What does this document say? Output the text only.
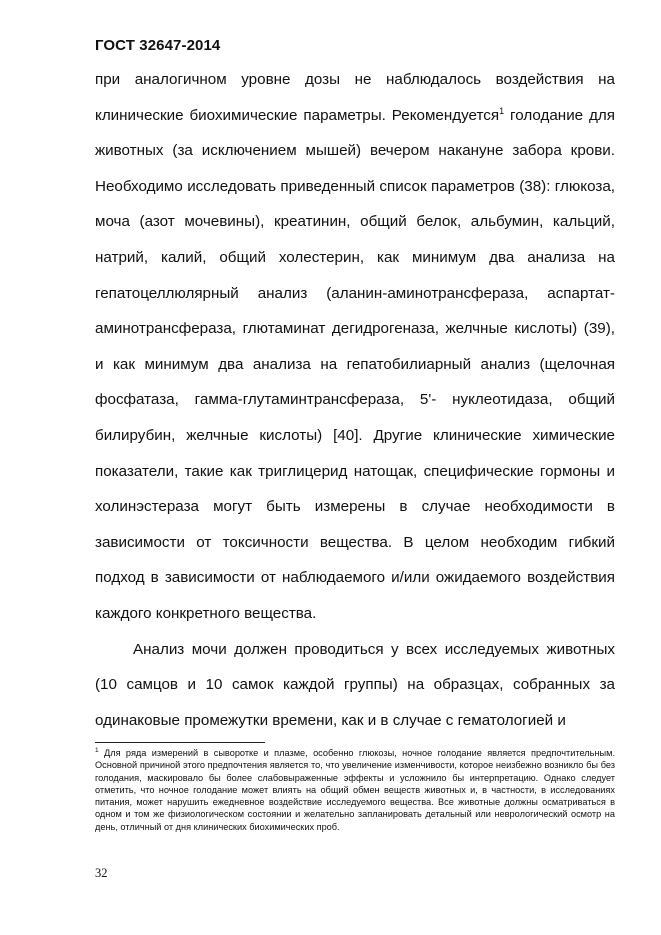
ГОСТ 32647-2014

при аналогичном уровне дозы не наблюдалось воздействия на клинические биохимические параметры. Рекомендуется$^1$ голодание для животных (за исключением мышей) вечером накануне забора крови. Необходимо исследовать приведенный список параметров (38): глюкоза, моча (азот мочевины), креатинин, общий белок, альбумин, кальций, натрий, калий, общий холестерин, как минимум два анализа на гепатоцеллюлярный анализ (аланин-аминотрансфераза, аспартат-аминотрансфераза, глютаминат дегидрогеназа, желчные кислоты) (39), и как минимум два анализа на гепатобилиарный анализ (щелочная фосфатаза, гамма-глутаминтрансфераза, 5'- нуклеотидаза, общий билирубин, желчные кислоты) [40]. Другие клинические химические показатели, такие как триглицерид натощак, специфические гормоны и холинэстераза могут быть измерены в случае необходимости в зависимости от токсичности вещества. В целом необходим гибкий подход в зависимости от наблюдаемого и/или ожидаемого воздействия каждого конкретного вещества.

Анализ мочи должен проводиться у всех исследуемых животных (10 самцов и 10 самок каждой группы) на образцах, собранных за одинаковые промежутки времени, как и в случае с гематологией и

$^1$ Для ряда измерений в сыворотке и плазме, особенно глюкозы, ночное голодание является предпочтительным. Основной причиной этого предпочтения является то, что увеличение изменчивости, которое неизбежно возникло бы без голодания, маскировало бы более слабовыраженные эффекты и усложнило бы интерпретацию. Однако следует отметить, что ночное голодание может влиять на общий обмен веществ животных и, в частности, в исследованиях питания, может нарушить ежедневное воздействие исследуемого вещества. Все животные должны осматриваться в одном и том же физиологическом состоянии и желательно запланировать детальный или неврологический осмотр на день, отличный от дня клинических биохимических проб.

32
